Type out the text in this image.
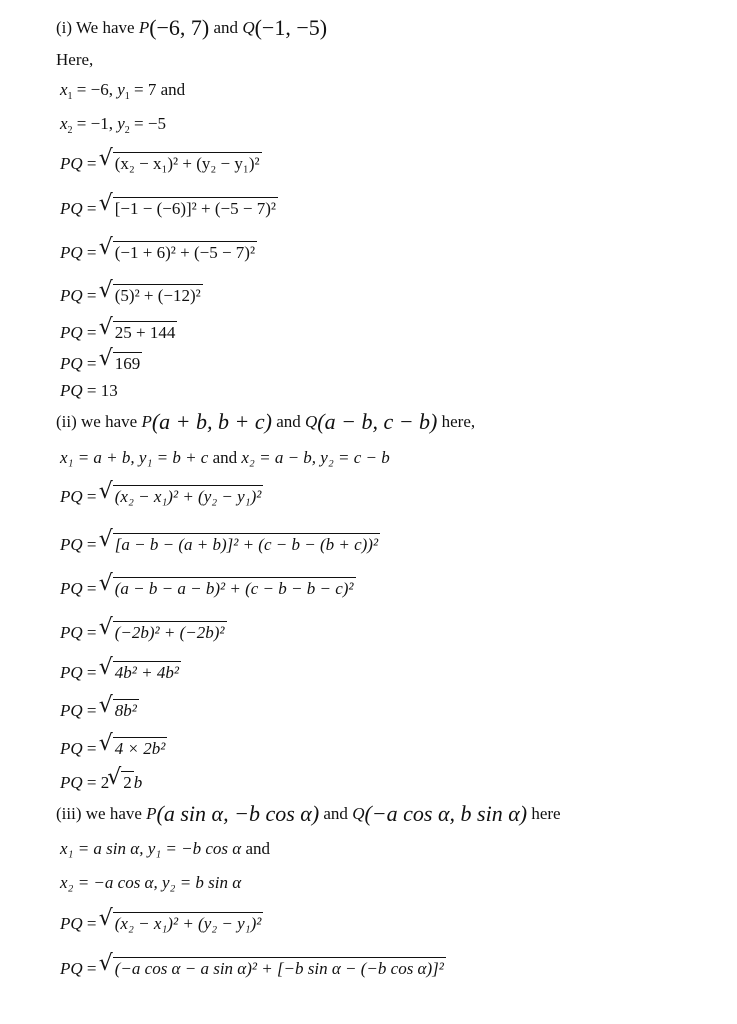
(i) We have P(−6, 7) and Q(−1, −5)
Here,
$x_1 = -6$, $y_1 = 7$ and
$x_2 = -1$, $y_2 = -5$
PQ = √ (x₂ − x₁)² + (y₂ − y₁)²
PQ = √ [−1 − (−6)]² + (−5 − 7)²
PQ = √ (−1 + 6)² + (−5 − 7)²
PQ = √ (5)² + (−12)²
PQ = √ 25 + 144
PQ = √ 169
PQ = 13
(ii) we have P(a + b, b + c) and Q(a − b, c − b) here,
x₁ = a + b, y₁ = b + c and x₂ = a − b, y₂ = c − b
PQ = √ (x₂ − x₁)² + (y₂ − y₁)²
PQ = √ [a − b − (a + b)]² + (c − b − (b + c))²
PQ = √ (a − b − a − b)² + (c − b − b − c)²
PQ = √ (−2b)² + (−2b)²
PQ = √ 4b² + 4b²
PQ = √ 8b²
PQ = √ 4 × 2b²
PQ = 2√ 2 b
(iii) we have P(a sin α, −b cos α) and Q(−a cos α, b sin α) here
x₁ = a sin α, y₁ = −b cos α and
x₂ = −a cos α, y₂ = b sin α
PQ = √ (x₂ − x₁)² + (y₂ − y₁)²
PQ = √ (−a cos α − a sin α)² + [−b sin α − (−b cos α)]²
